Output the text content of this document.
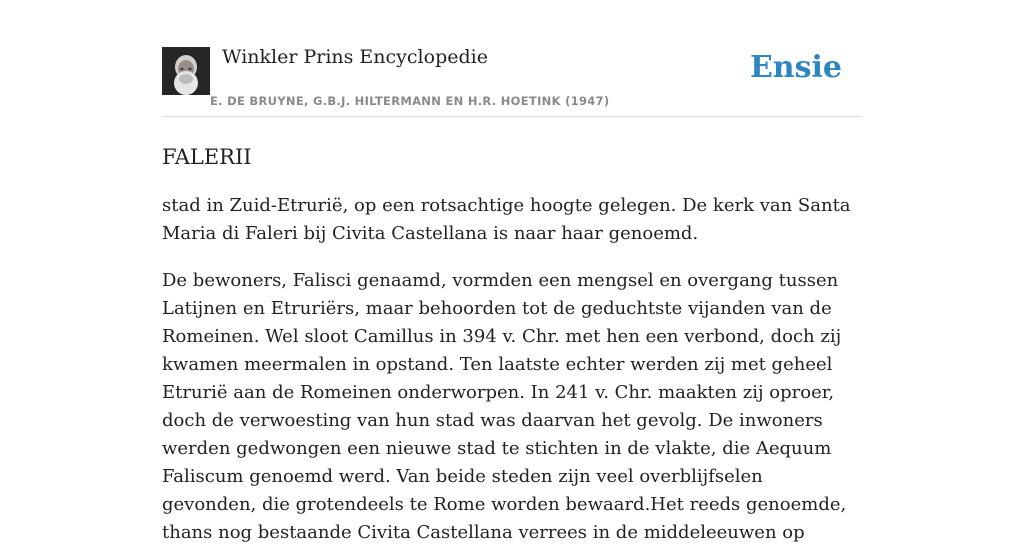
Winkler Prins Encyclopedie
E. DE BRUYNE, G.B.J. HILTERMANN EN H.R. HOETINK (1947)
Ensie
FALERII

stad in Zuid-Etrurië, op een rotsachtige hoogte gelegen. De kerk van Santa Maria di Faleri bij Civita Castellana is naar haar genoemd.

De bewoners, Falisci genaamd, vormden een mengsel en overgang tussen Latijnen en Etruriërs, maar behoorden tot de geduchtste vijanden van de Romeinen. Wel sloot Camillus in 394 v. Chr. met hen een verbond, doch zij kwamen meermalen in opstand. Ten laatste echter werden zij met geheel Etrurië aan de Romeinen onderworpen. In 241 v. Chr. maakten zij oproer, doch de verwoesting van hun stad was daarvan het gevolg. De inwoners werden gedwongen een nieuwe stad te stichten in de vlakte, die Aequum Faliscum genoemd werd. Van beide steden zijn veel overblijfselen gevonden, die grotendeels te Rome worden bewaard.Het reeds genoemde, thans nog bestaande Civita Castellana verrees in de middeleeuwen op
